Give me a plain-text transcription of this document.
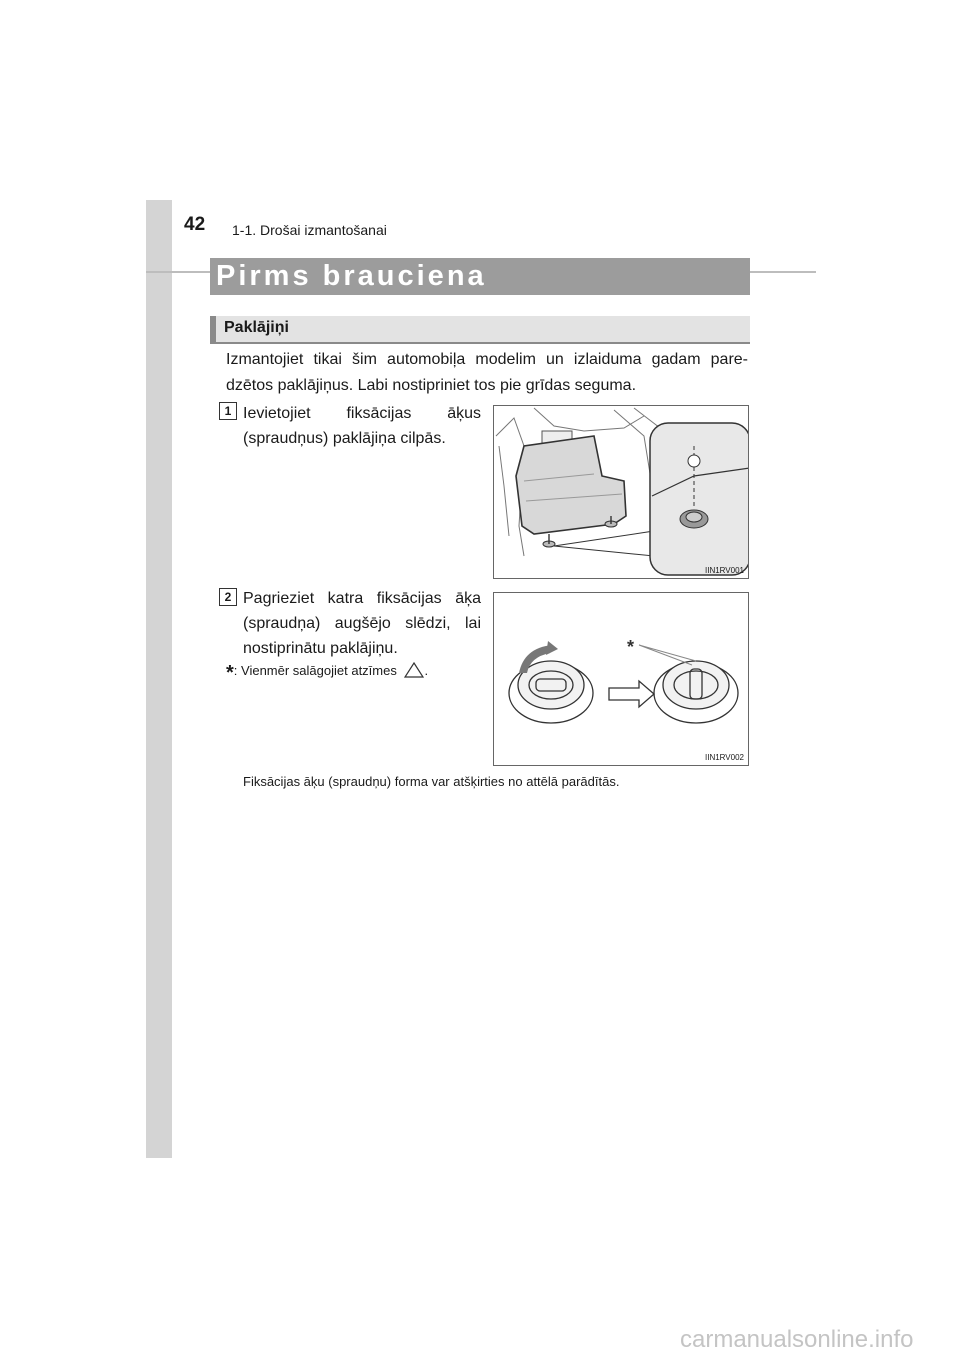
42 1-1. Drošai izmantošanai
Pirms brauciena
Paklājiņi
Izmantojiet tikai šim automobiļa modelim un izlaiduma gadam pare-dzētos paklājiņus. Labi nostipriniet tos pie grīdas seguma.
1 Ievietojiet fiksācijas āķus (spraudņus) paklājiņa cilpās.
IIN1RV001
2 Pagrieziet katra fiksācijas āķa (spraudņa) augšējo slēdzi, lai nostiprinātu paklājiņu.
*: Vienmēr salāgojiet atzīmes .
*
IIN1RV002
Fiksācijas āķu (spraudņu) forma var atšķirties no attēlā parādītās.
carmanualsonline.info
